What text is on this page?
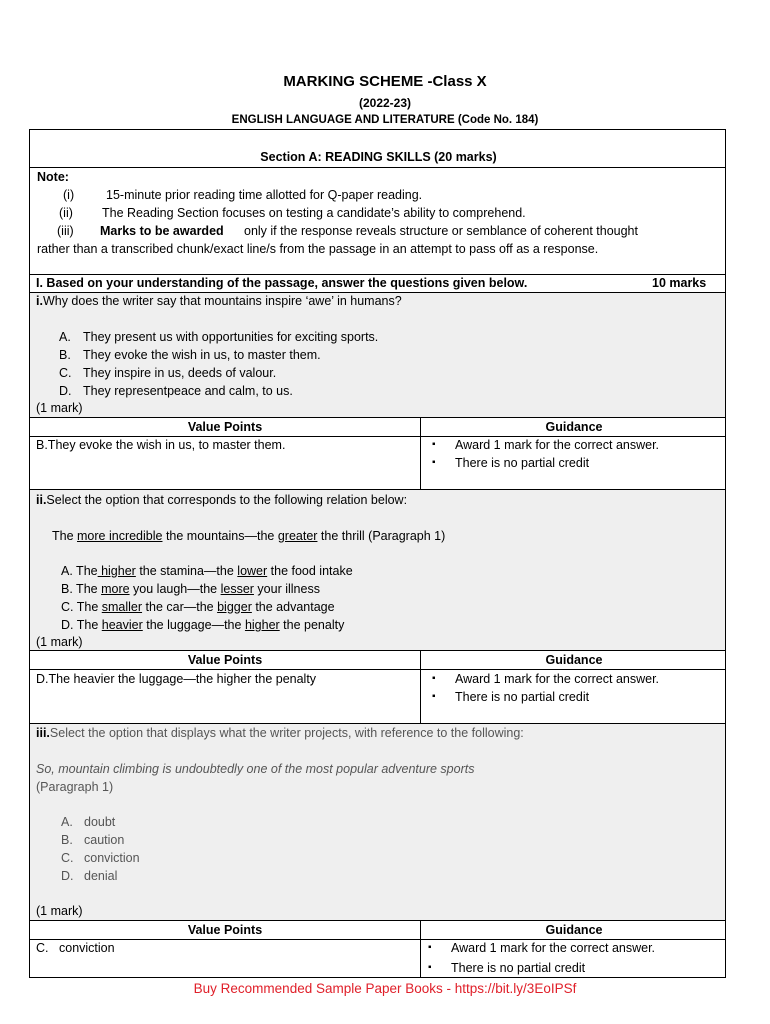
MARKING SCHEME -Class X
(2022-23)
ENGLISH LANGUAGE AND LITERATURE (Code No. 184)
Section A: READING SKILLS (20 marks)
Note:
(i)	15-minute prior reading time allotted for Q-paper reading.
(ii) The Reading Section focuses on testing a candidate’s ability to comprehend.
(iii) Marks to be awarded only if the response reveals structure or semblance of coherent thought
rather than a transcribed chunk/exact line/s from the passage in an attempt to pass off as a response.
I. Based on your understanding of the passage, answer the questions given below.	10 marks
i.Why does the writer say that mountains inspire ‘awe’ in humans?
A. They present us with opportunities for exciting sports.
B. They evoke the wish in us, to master them.
C. They inspire in us, deeds of valour.
D. They representpeace and calm, to us.
(1 mark)
Value Points	Guidance
B.They evoke the wish in us, to master them.	▪ Award 1 mark for the correct answer.
▪ There is no partial credit
ii.Select the option that corresponds to the following relation below:
The more incredible the mountains—the greater the thrill (Paragraph 1)
A. The higher the stamina—the lower the food intake
B. The more you laugh—the lesser your illness
C. The smaller the car—the bigger the advantage
D. The heavier the luggage—the higher the penalty
(1 mark)
Value Points	Guidance
D.The heavier the luggage—the higher the penalty	▪ Award 1 mark for the correct answer.
▪ There is no partial credit
iii.Select the option that displays what the writer projects, with reference to the following:
So, mountain climbing is undoubtedly one of the most popular adventure sports
(Paragraph 1)
A. doubt
B. caution
C. conviction
D. denial
(1 mark)
Value Points	Guidance
C. conviction	▪ Award 1 mark for the correct answer.
▪ There is no partial credit
Buy Recommended Sample Paper Books - https://bit.ly/3EoIPSf
